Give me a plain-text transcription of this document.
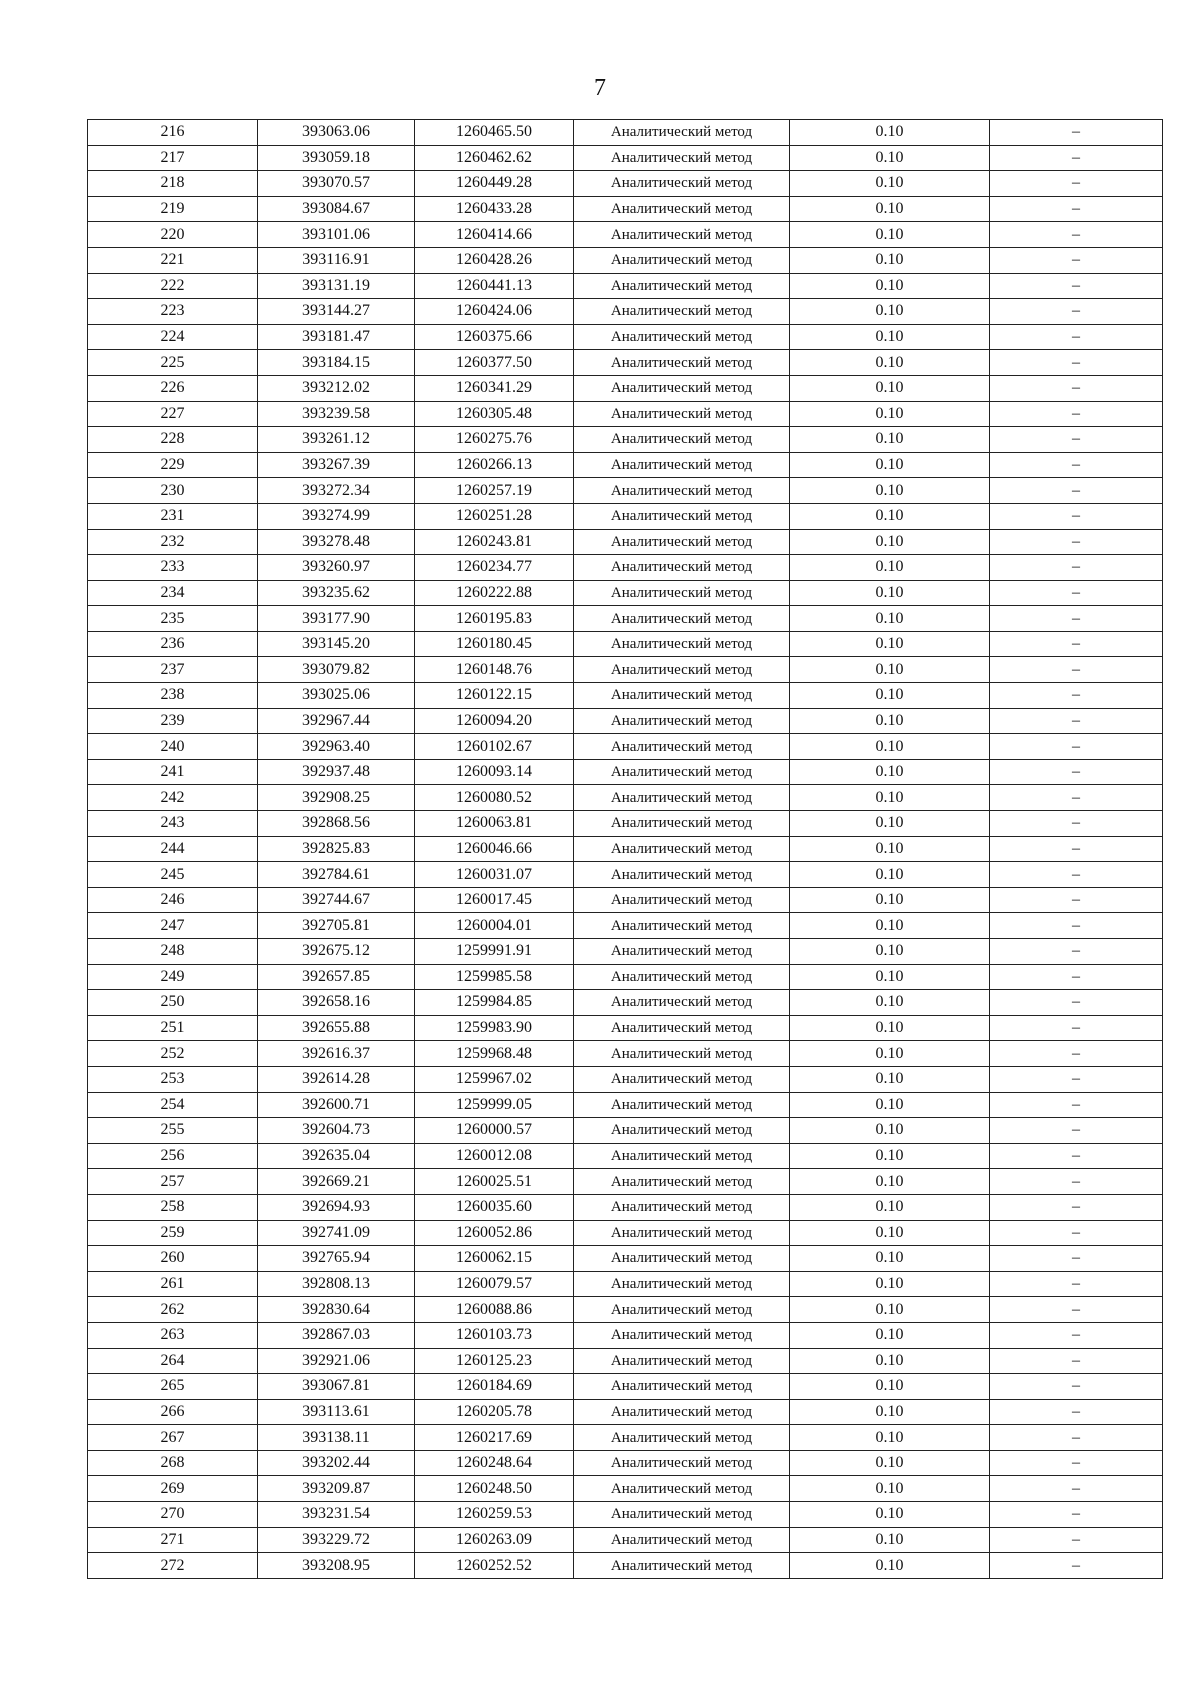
7
216	393063.06	1260465.50	Аналитический метод	0.10	–
217	393059.18	1260462.62	Аналитический метод	0.10	–
218	393070.57	1260449.28	Аналитический метод	0.10	–
219	393084.67	1260433.28	Аналитический метод	0.10	–
220	393101.06	1260414.66	Аналитический метод	0.10	–
221	393116.91	1260428.26	Аналитический метод	0.10	–
222	393131.19	1260441.13	Аналитический метод	0.10	–
223	393144.27	1260424.06	Аналитический метод	0.10	–
224	393181.47	1260375.66	Аналитический метод	0.10	–
225	393184.15	1260377.50	Аналитический метод	0.10	–
226	393212.02	1260341.29	Аналитический метод	0.10	–
227	393239.58	1260305.48	Аналитический метод	0.10	–
228	393261.12	1260275.76	Аналитический метод	0.10	–
229	393267.39	1260266.13	Аналитический метод	0.10	–
230	393272.34	1260257.19	Аналитический метод	0.10	–
231	393274.99	1260251.28	Аналитический метод	0.10	–
232	393278.48	1260243.81	Аналитический метод	0.10	–
233	393260.97	1260234.77	Аналитический метод	0.10	–
234	393235.62	1260222.88	Аналитический метод	0.10	–
235	393177.90	1260195.83	Аналитический метод	0.10	–
236	393145.20	1260180.45	Аналитический метод	0.10	–
237	393079.82	1260148.76	Аналитический метод	0.10	–
238	393025.06	1260122.15	Аналитический метод	0.10	–
239	392967.44	1260094.20	Аналитический метод	0.10	–
240	392963.40	1260102.67	Аналитический метод	0.10	–
241	392937.48	1260093.14	Аналитический метод	0.10	–
242	392908.25	1260080.52	Аналитический метод	0.10	–
243	392868.56	1260063.81	Аналитический метод	0.10	–
244	392825.83	1260046.66	Аналитический метод	0.10	–
245	392784.61	1260031.07	Аналитический метод	0.10	–
246	392744.67	1260017.45	Аналитический метод	0.10	–
247	392705.81	1260004.01	Аналитический метод	0.10	–
248	392675.12	1259991.91	Аналитический метод	0.10	–
249	392657.85	1259985.58	Аналитический метод	0.10	–
250	392658.16	1259984.85	Аналитический метод	0.10	–
251	392655.88	1259983.90	Аналитический метод	0.10	–
252	392616.37	1259968.48	Аналитический метод	0.10	–
253	392614.28	1259967.02	Аналитический метод	0.10	–
254	392600.71	1259999.05	Аналитический метод	0.10	–
255	392604.73	1260000.57	Аналитический метод	0.10	–
256	392635.04	1260012.08	Аналитический метод	0.10	–
257	392669.21	1260025.51	Аналитический метод	0.10	–
258	392694.93	1260035.60	Аналитический метод	0.10	–
259	392741.09	1260052.86	Аналитический метод	0.10	–
260	392765.94	1260062.15	Аналитический метод	0.10	–
261	392808.13	1260079.57	Аналитический метод	0.10	–
262	392830.64	1260088.86	Аналитический метод	0.10	–
263	392867.03	1260103.73	Аналитический метод	0.10	–
264	392921.06	1260125.23	Аналитический метод	0.10	–
265	393067.81	1260184.69	Аналитический метод	0.10	–
266	393113.61	1260205.78	Аналитический метод	0.10	–
267	393138.11	1260217.69	Аналитический метод	0.10	–
268	393202.44	1260248.64	Аналитический метод	0.10	–
269	393209.87	1260248.50	Аналитический метод	0.10	–
270	393231.54	1260259.53	Аналитический метод	0.10	–
271	393229.72	1260263.09	Аналитический метод	0.10	–
272	393208.95	1260252.52	Аналитический метод	0.10	–
